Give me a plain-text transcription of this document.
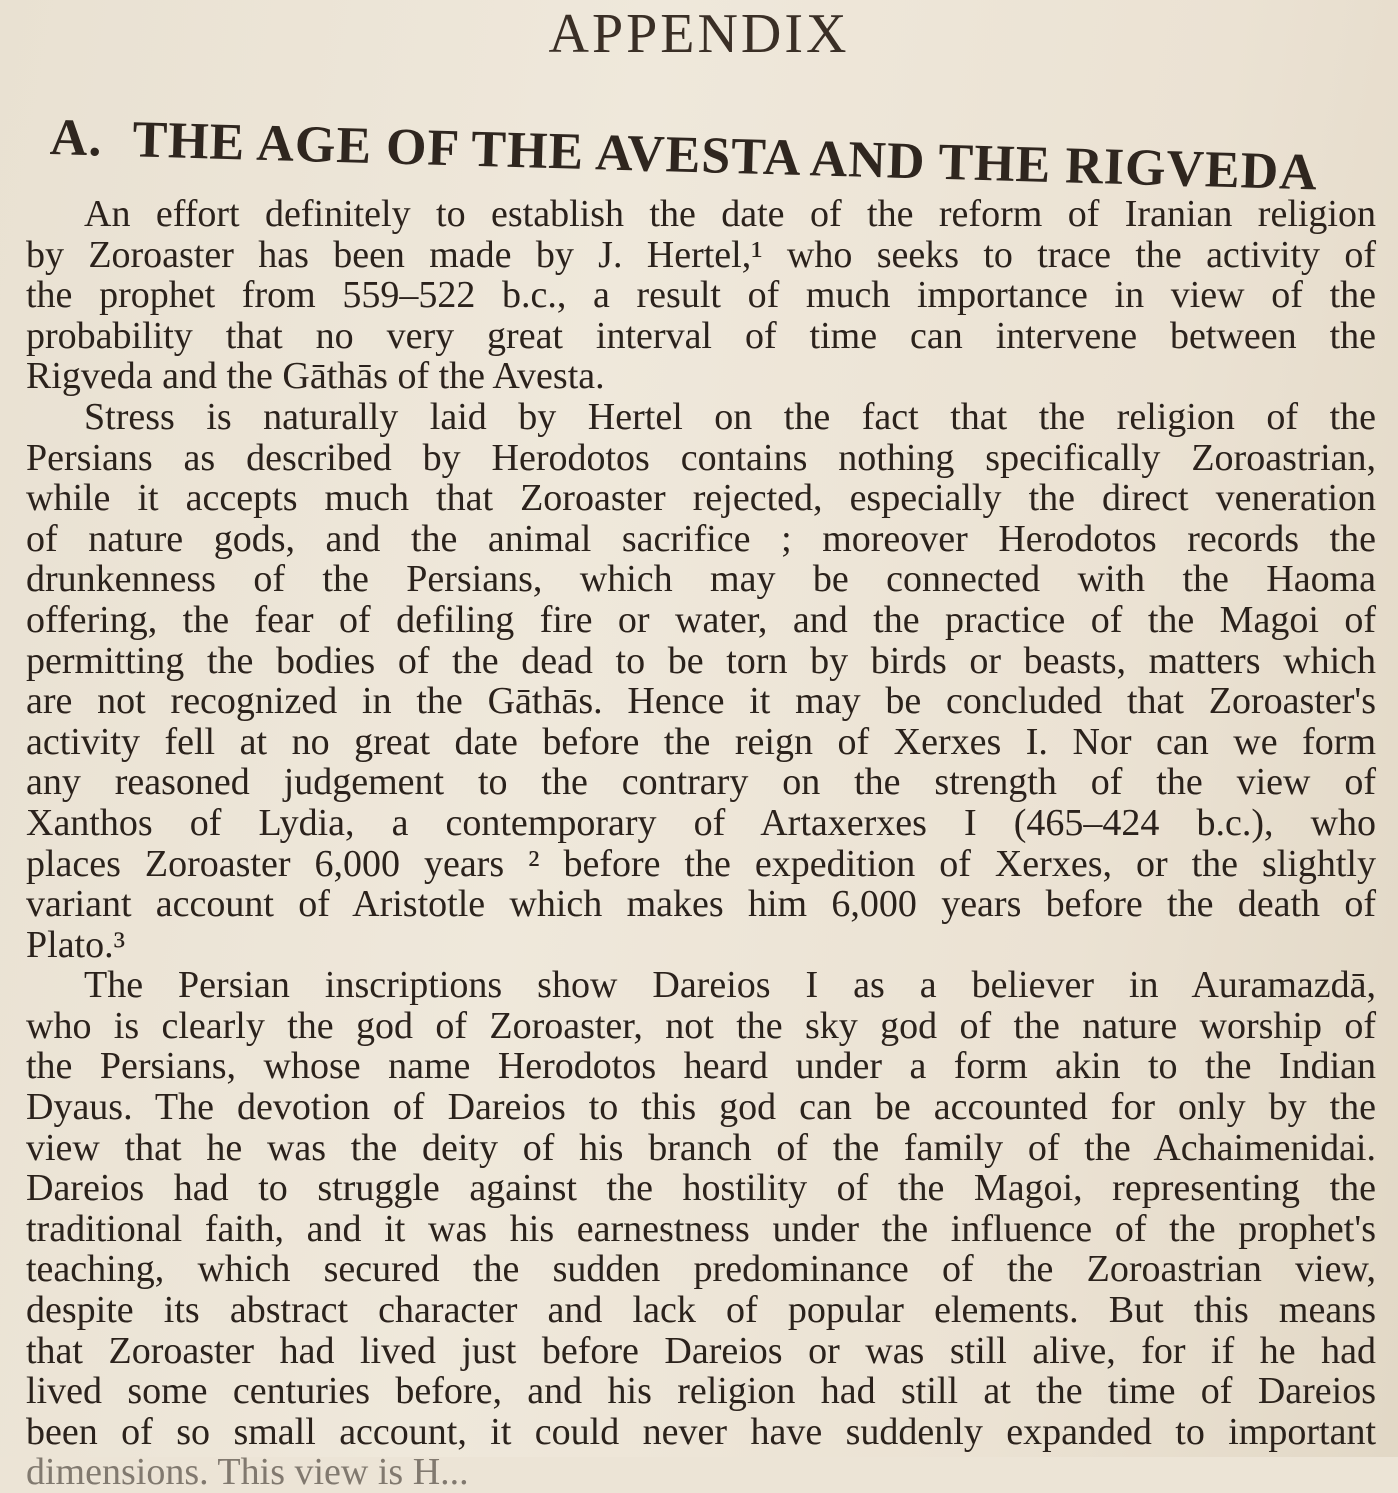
APPENDIX
A. THE AGE OF THE AVESTA AND THE RIGVEDA
An effort definitely to establish the date of the reform of Iranian religion
by Zoroaster has been made by J. Hertel,¹ who seeks to trace the activity of
the prophet from 559–522 b.c., a result of much importance in view of the
probability that no very great interval of time can intervene between the
Rigveda and the Gāthās of the Avesta.
Stress is naturally laid by Hertel on the fact that the religion of the
Persians as described by Herodotos contains nothing specifically Zoroastrian,
while it accepts much that Zoroaster rejected, especially the direct veneration
of nature gods, and the animal sacrifice ; moreover Herodotos records the
drunkenness of the Persians, which may be connected with the Haoma
offering, the fear of defiling fire or water, and the practice of the Magoi of
permitting the bodies of the dead to be torn by birds or beasts, matters which
are not recognized in the Gāthās. Hence it may be concluded that Zoroaster's
activity fell at no great date before the reign of Xerxes I. Nor can we form
any reasoned judgement to the contrary on the strength of the view of
Xanthos of Lydia, a contemporary of Artaxerxes I (465–424 b.c.), who
places Zoroaster 6,000 years ² before the expedition of Xerxes, or the slightly
variant account of Aristotle which makes him 6,000 years before the death of
Plato.³
The Persian inscriptions show Dareios I as a believer in Auramazdā,
who is clearly the god of Zoroaster, not the sky god of the nature worship of
the Persians, whose name Herodotos heard under a form akin to the Indian
Dyaus. The devotion of Dareios to this god can be accounted for only by the
view that he was the deity of his branch of the family of the Achaimenidai.
Dareios had to struggle against the hostility of the Magoi, representing the
traditional faith, and it was his earnestness under the influence of the prophet's
teaching, which secured the sudden predominance of the Zoroastrian view,
despite its abstract character and lack of popular elements. But this means
that Zoroaster had lived just before Dareios or was still alive, for if he had
lived some centuries before, and his religion had still at the time of Dareios
been of so small account, it could never have suddenly expanded to important
dimensions. This view is H...
